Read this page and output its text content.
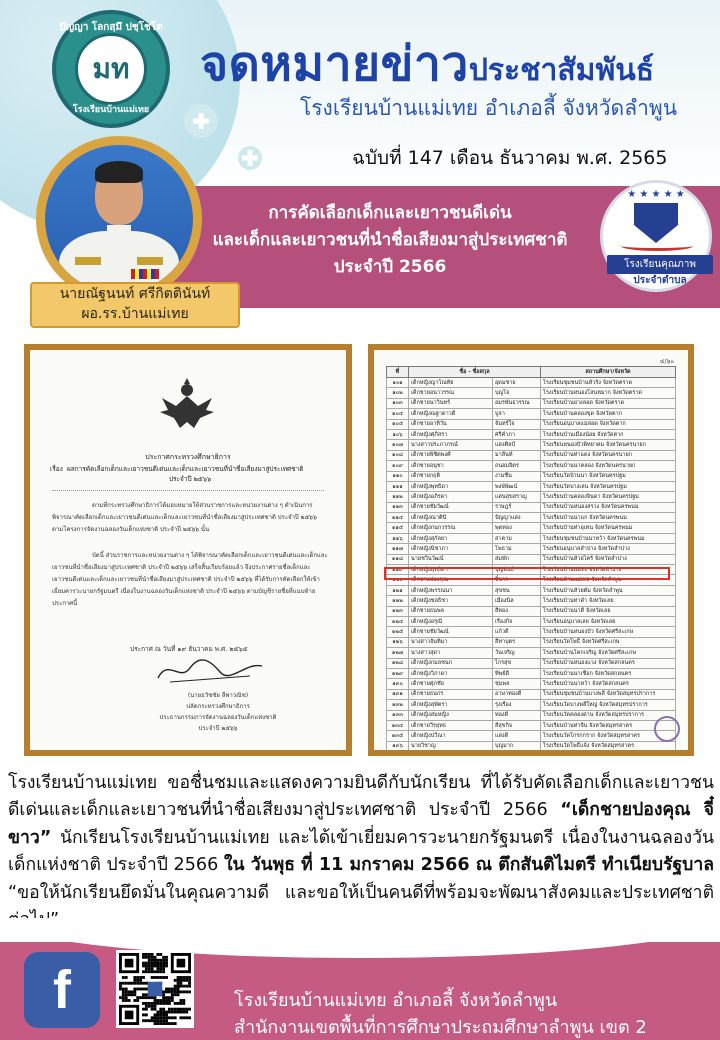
ปัญญา โลกสฺมึ ปชฺโชโต
มท
โรงเรียนบ้านแม่เทย
จดหมายข่าวประชาสัมพันธ์
โรงเรียนบ้านแม่เทย อำเภอลี้ จังหวัดลำพูน
ฉบับที่ 147 เดือน ธันวาคม พ.ศ. 2565
การคัดเลือกเด็กและเยาวชนดีเด่น
และเด็กและเยาวชนที่นำชื่อเสียงมาสู่ประเทศชาติ
ประจำปี 2566
★ ★ ★ ★ ★
โรงเรียนคุณภาพ
ประจำตำบล
นายณัฐนนท์ ศรีกิตตินันท์
ผอ.รร.บ้านแม่เทย
ประกาศกระทรวงศึกษาธิการ
เรื่อง ผลการคัดเลือกเด็กและเยาวชนดีเด่นและเด็กและเยาวชนที่นำชื่อเสียงมาสู่ประเทศชาติ
ประจำปี ๒๕๖๖
ตามที่กระทรวงศึกษาธิการได้มอบหมายให้ส่วนราชการและหน่วยงานต่าง ๆ ดำเนินการพิจารณาคัดเลือกเด็กและเยาวชนดีเด่นและเด็กและเยาวชนที่นำชื่อเสียงมาสู่ประเทศชาติ ประจำปี ๒๕๖๖ ตามโครงการจัดงานฉลองวันเด็กแห่งชาติ ประจำปี ๒๕๖๖ นั้น
บัดนี้ ส่วนราชการและหน่วยงานต่าง ๆ ได้พิจารณาคัดเลือกเด็กและเยาวชนดีเด่นและเด็กและเยาวชนที่นำชื่อเสียงมาสู่ประเทศชาติ ประจำปี ๒๕๖๖ เสร็จสิ้นเรียบร้อยแล้ว จึงประกาศรายชื่อเด็กและเยาวชนดีเด่นและเด็กและเยาวชนที่นำชื่อเสียงมาสู่ประเทศชาติ ประจำปี ๒๕๖๖ ที่ได้รับการคัดเลือกให้เข้าเยี่ยมคารวะนายกรัฐมนตรี เนื่องในงานฉลองวันเด็กแห่งชาติ ประจำปี ๒๕๖๖ ตามบัญชีรายชื่อที่แนบท้ายประกาศนี้
ประกาศ ณ วันที่ ๑๙ ธันวาคม พ.ศ. ๒๕๖๕
(นายธวัชชัย ลีพาวณิช)
ปลัดกระทรวงศึกษาธิการ
ประธานกรรมการจัดงานฉลองวันเด็กแห่งชาติ
ประจำปี ๒๕๖๖
๔/๖๐
ที่	ชื่อ - ชื่อสกุล		สถานศึกษา/จังหวัด
๑๐๑	เด็กหญิงญาโณทัย	อุดมชาย	โรงเรียนชุมชนบ้านหัวรัง จังหวัดตราด
๑๐๒	เด็กชายอนาวรรณ	บุญโจ	โรงเรียนบ้านหนองโสนหมาก จังหวัดตราด
๑๐๓	เด็กชายนาวินทร์	อมรพันธวรรณ	โรงเรียนบ้านยางลอด จังหวัดตราด
๑๐๔	เด็กหญิงณฐาดาวดี	บูจา	โรงเรียนบ้านคลองขุด จังหวัดตาก
๑๐๕	เด็กชายอาทิวัน	จันทร์ใจ	โรงเรียนอนุบาลแม่สอด จังหวัดตาก
๑๐๖	เด็กหญิงศุภิสรา	ศรีคำภา	โรงเรียนบ้านเมืองน้อย จังหวัดตาก
๑๐๗	นางสาวประภาภรณ์	แสงศิลป์	โรงเรียนหนองบัวพิทยาคม จังหวัดนครนายก
๑๐๘	เด็กชายพิชิตพงศ์	มาลีนท์	โรงเรียนบ้านท่าแดง จังหวัดนครนายก
๑๐๙	เด็กชายอนุชา	ถนอมจิตร	โรงเรียนบ้านนาคลอง จังหวัดนครนายก
๑๑๐	เด็กชายกฤติ	งามชื่น	โรงเรียนวัดบ้านนา จังหวัดนครปฐม
๑๑๑	เด็กหญิงพุทธิดา	พงษ์พัฒน์	โรงเรียนวัดบางเลน จังหวัดนครปฐม
๑๑๒	เด็กหญิงอภิรดา	แสนสุขสราญ	โรงเรียนบ้านคลองจินดา จังหวัดนครปฐม
๑๑๓	เด็กชายชัยวัฒน์	ราษฎร์	โรงเรียนบ้านหนองสรวง จังหวัดนครพนม
๑๑๔	เด็กหญิงณาตินี	ปัญญาแสง	โรงเรียนบ้านนาแก จังหวัดนครพนม
๑๑๕	เด็กหญิงกนกวรรณ	พุดทอง	โรงเรียนบ้านท่าอุเทน จังหวัดนครพนม
๑๑๖	เด็กหญิงสุกัลยา	สาคาม	โรงเรียนชุมชนบ้านนาหว้า จังหวัดนครพนม
๑๑๗	เด็กหญิงนิชาภา	โพธาม	โรงเรียนอนุบาลลำปาง จังหวัดลำปาง
๑๑๘	นายชวินวัฒน์	สมพัก	โรงเรียนบ้านห้วยไคร้ จังหวัดลำปาง
๑๑๙	เด็กหญิงสุทธิดา	บุญพันธ์	โรงเรียนบ้านแม่ทะ จังหวัดลำปาง
๑๒๐	เด็กชายปองคุณ	จี๋ขาว	โรงเรียนบ้านแม่เทย จังหวัดลำพูน
๑๒๑	เด็กหญิงพรรณนา	สุขชน	โรงเรียนบ้านห้วยต้ม จังหวัดลำพูน
๑๒๒	เด็กหญิงชลธิชา	เมืองนิล	โรงเรียนบ้านทาดำ จังหวัดเลย
๑๒๓	เด็กชายธนพล	สีทอง	โรงเรียนบ้านนาดี จังหวัดเลย
๑๒๔	เด็กหญิงอรุณี	เรืองกิจ	โรงเรียนอนุบาลเลย จังหวัดเลย
๑๒๕	เด็กชายชัยวัฒน์	แก้วดี	โรงเรียนบ้านหนองบัว จังหวัดศรีสะเกษ
๑๒๖	นางสาวจันทิมา	สีหาบุตร	โรงเรียนวัดโพธิ์ จังหวัดศรีสะเกษ
๑๒๗	นางสาวสุดา	วันเจริญ	โรงเรียนบ้านโคกเจริญ จังหวัดศรีสะเกษ
๑๒๘	เด็กหญิงกมลชนก	ไกรสุข	โรงเรียนบ้านหนองแวง จังหวัดสกลนคร
๑๒๙	เด็กหญิงวิภาดา	ทิพย์ดี	โรงเรียนบ้านนาเชือก จังหวัดสกลนคร
๑๓๐	เด็กชายศุภชัย	ชุมพล	โรงเรียนบ้านนาหว้า จังหวัดสกลนคร
๑๓๑	เด็กชายธนกร	อาษาทองดี	โรงเรียนชุมชนบ้านบางพลี จังหวัดสมุทรปราการ
๑๓๒	เด็กหญิงสุพัตรา	รุ่งเรือง	โรงเรียนวัดบางพลีใหญ่ จังหวัดสมุทรปราการ
๑๓๓	เด็กหญิงสมหญิง	ทองดี	โรงเรียนวัดคลองด่าน จังหวัดสมุทรปราการ
๑๓๔	เด็กชายวีรยุทธ	สีสุขกิจ	โรงเรียนบ้านท่าจีน จังหวัดสมุทรสาคร
๑๓๕	เด็กหญิงปวีณา	แสงดี	โรงเรียนวัดโกรกกราก จังหวัดสมุทรสาคร
๑๓๖	นายวิชาญ	บุญมาก	โรงเรียนวัดโพธิ์แจ้ง จังหวัดสมุทรสาคร
โรงเรียนบ้านแม่เทย ขอชื่นชมและแสดงความยินดีกับนักเรียน ที่ได้รับคัดเลือกเด็กและเยาวชนดีเด่นและเด็กและเยาวชนที่นำชื่อเสียงมาสู่ประเทศชาติ ประจำปี 2566 “เด็กชายปองคุณ จี๋ขาว” นักเรียนโรงเรียนบ้านแม่เทย และได้เข้าเยี่ยมคารวะนายกรัฐมนตรี เนื่องในงานฉลองวันเด็กแห่งชาติ ประจำปี 2566 ใน วันพุธ ที่ 11 มกราคม 2566 ณ ตึกสันติไมตรี ทำเนียบรัฐบาล “ขอให้นักเรียนยึดมั่นในคุณความดี และขอให้เป็นคนดีที่พร้อมจะพัฒนาสังคมและประเทศชาติ
f	โรงเรียนบ้านแม่เทย อำเภอลี้ จังหวัดลำพูน
สำนักงานเขตพื้นที่การศึกษาประถมศึกษาลำพูน เขต 2
